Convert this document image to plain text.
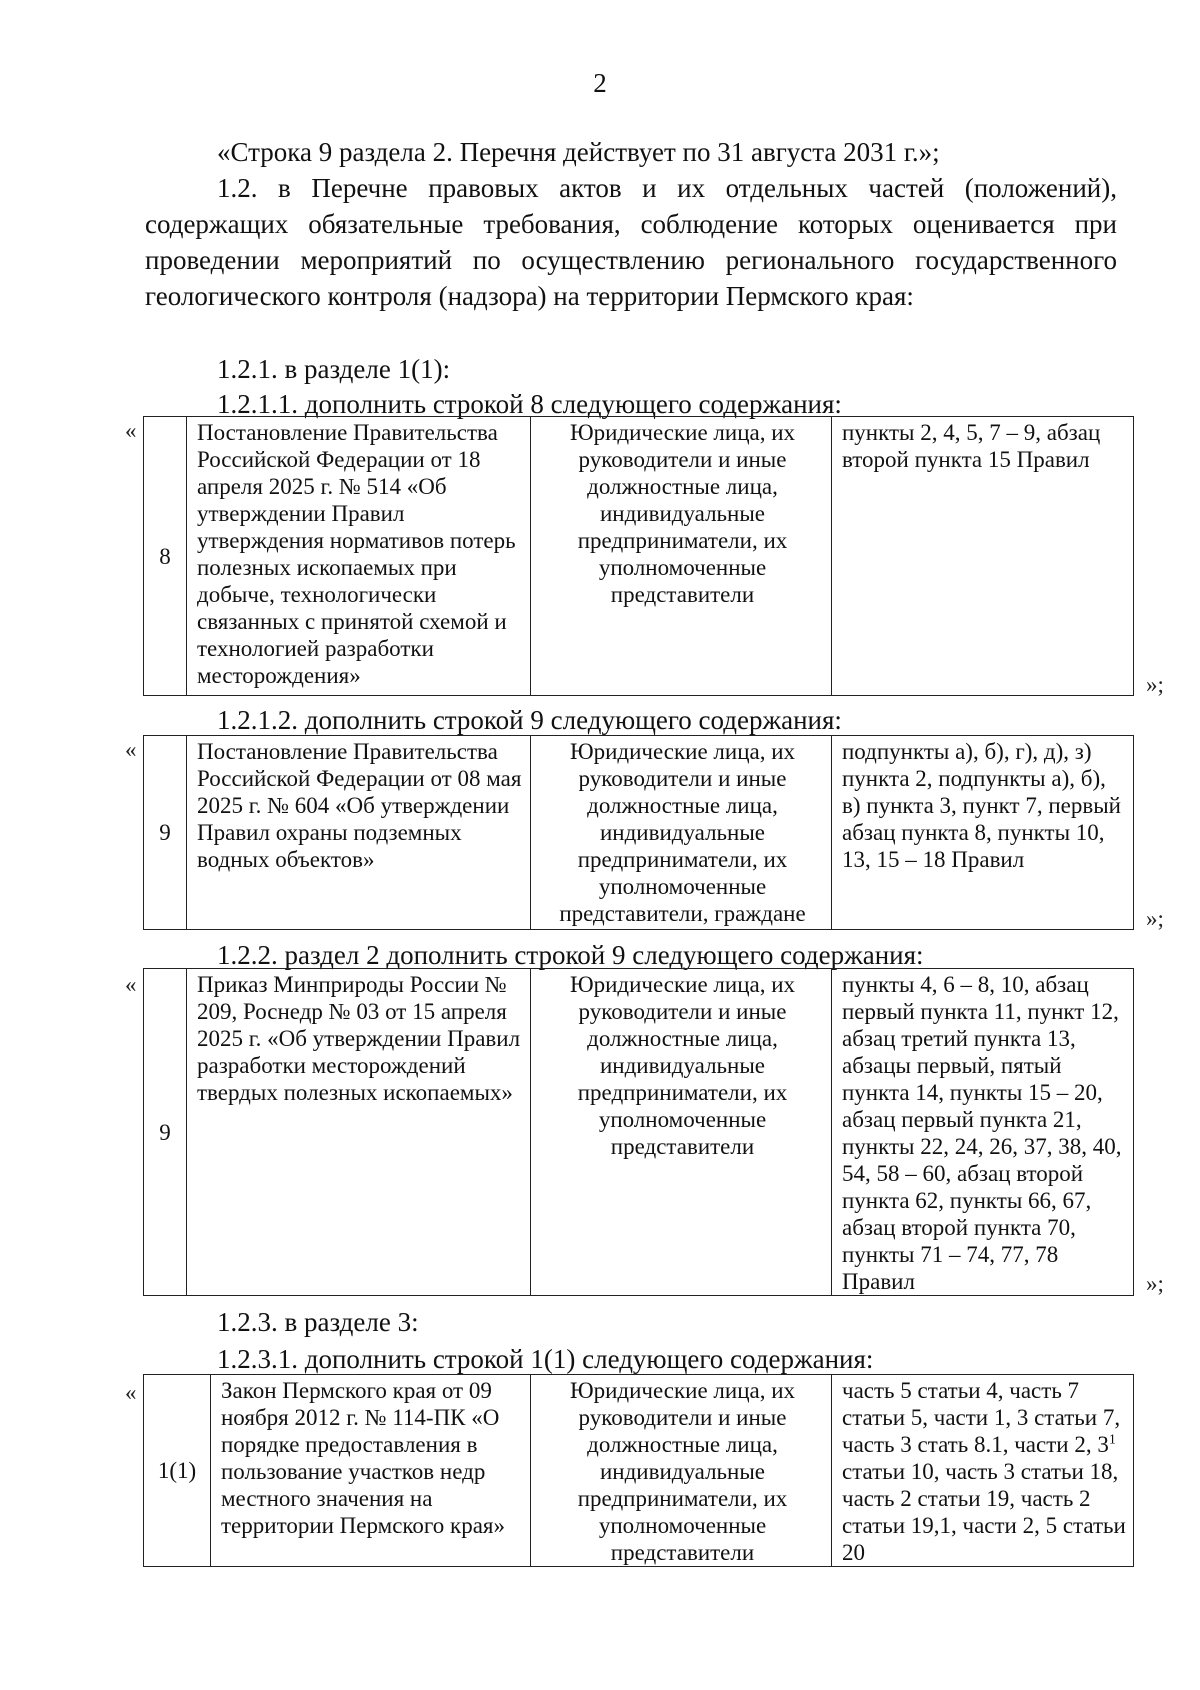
2

«Строка 9 раздела 2. Перечня действует по 31 августа 2031 г.»;

1.2. в Перечне правовых актов и их отдельных частей (положений), содержащих обязательные требования, соблюдение которых оценивается при проведении мероприятий по осуществлению регионального государственного геологического контроля (надзора) на территории Пермского края:

1.2.1. в разделе 1(1):

1.2.1.1. дополнить строкой 8 следующего содержания:

«
8	Постановление Правительства Российской Федерации от 18 апреля 2025 г. № 514 «Об утверждении Правил утверждения нормативов потерь полезных ископаемых при добыче, технологически связанных с принятой схемой и технологией разработки месторождения»	Юридические лица, их руководители и иные должностные лица, индивидуальные предприниматели, их уполномоченные представители	пункты 2, 4, 5, 7 – 9, абзац второй пункта 15 Правил
»;

1.2.1.2. дополнить строкой 9 следующего содержания:

«
9	Постановление Правительства Российской Федерации от 08 мая 2025 г. № 604 «Об утверждении Правил охраны подземных водных объектов»	Юридические лица, их руководители и иные должностные лица, индивидуальные предприниматели, их уполномоченные представители, граждане	подпункты а), б), г), д), з) пункта 2, подпункты а), б), в) пункта 3, пункт 7, первый абзац пункта 8, пункты 10, 13, 15 – 18 Правил
»;

1.2.2. раздел 2 дополнить строкой 9 следующего содержания:

«
9	Приказ Минприроды России № 209, Роснедр № 03 от 15 апреля 2025 г. «Об утверждении Правил разработки месторождений твердых полезных ископаемых»	Юридические лица, их руководители и иные должностные лица, индивидуальные предприниматели, их уполномоченные представители	пункты 4, 6 – 8, 10, абзац первый пункта 11, пункт 12, абзац третий пункта 13, абзацы первый, пятый пункта 14, пункты 15 – 20, абзац первый пункта 21, пункты 22, 24, 26, 37, 38, 40, 54, 58 – 60, абзац второй пункта 62, пункты 66, 67, абзац второй пункта 70, пункты 71 – 74, 77, 78 Правил	»;

1.2.3. в разделе 3:

1.2.3.1. дополнить строкой 1(1) следующего содержания:

«
1(1)	Закон Пермского края от 09 ноября 2012 г. № 114-ПК «О порядке предоставления в пользование участков недр местного значения на территории Пермского края»	Юридические лица, их руководители и иные должностные лица, индивидуальные предприниматели, их уполномоченные представители	часть 5 статьи 4, часть 7 статьи 5, части 1, 3 статьи 7, часть 3 стать 8.1, части 2, $3^1$ статьи 10, часть 3 статьи 18, часть 2 статьи 19, часть 2 статьи 19,1, части 2, 5 статьи 20
